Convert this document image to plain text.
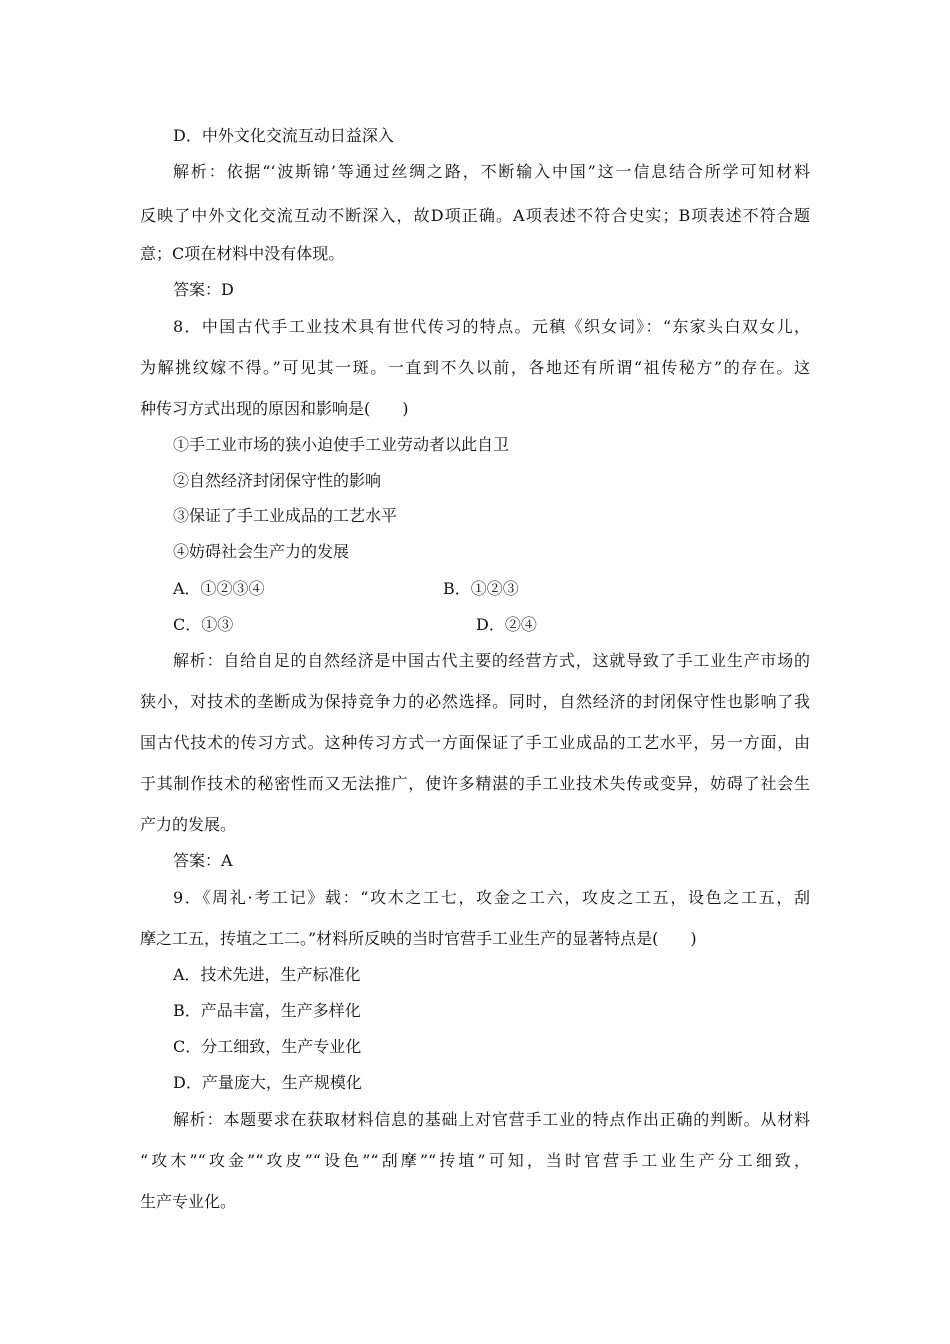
D．中外文化交流互动日益深入
解析：依据“‘波斯锦’等通过丝绸之路，不断输入中国”这一信息结合所学可知材料
反映了中外文化交流互动不断深入，故D项正确。A项表述不符合史实；B项表述不符合题
意；C项在材料中没有体现。
答案：D
8．中国古代手工业技术具有世代传习的特点。元稹《织女词》：“东家头白双女儿，
为解挑纹嫁不得。”可见其一斑。一直到不久以前，各地还有所谓“祖传秘方”的存在。这
种传习方式出现的原因和影响是(　　)
①手工业市场的狭小迫使手工业劳动者以此自卫
②自然经济封闭保守性的影响
③保证了手工业成品的工艺水平
④妨碍社会生产力的发展
A．①②③④	B．①②③
C．①③	D．②④
解析：自给自足的自然经济是中国古代主要的经营方式，这就导致了手工业生产市场的
狭小，对技术的垄断成为保持竞争力的必然选择。同时，自然经济的封闭保守性也影响了我
国古代技术的传习方式。这种传习方式一方面保证了手工业成品的工艺水平，另一方面，由
于其制作技术的秘密性而又无法推广，使许多精湛的手工业技术失传或变异，妨碍了社会生
产力的发展。
答案：A
9．《周礼·考工记》载：“攻木之工七，攻金之工六，攻皮之工五，设色之工五，刮
摩之工五，抟埴之工二。”材料所反映的当时官营手工业生产的显著特点是(　　)
A．技术先进，生产标准化
B．产品丰富，生产多样化
C．分工细致，生产专业化
D．产量庞大，生产规模化
解析：本题要求在获取材料信息的基础上对官营手工业的特点作出正确的判断。从材料
“攻木”“攻金”“攻皮”“设色”“刮摩”“抟埴”可知，当时官营手工业生产分工细致，
生产专业化。
